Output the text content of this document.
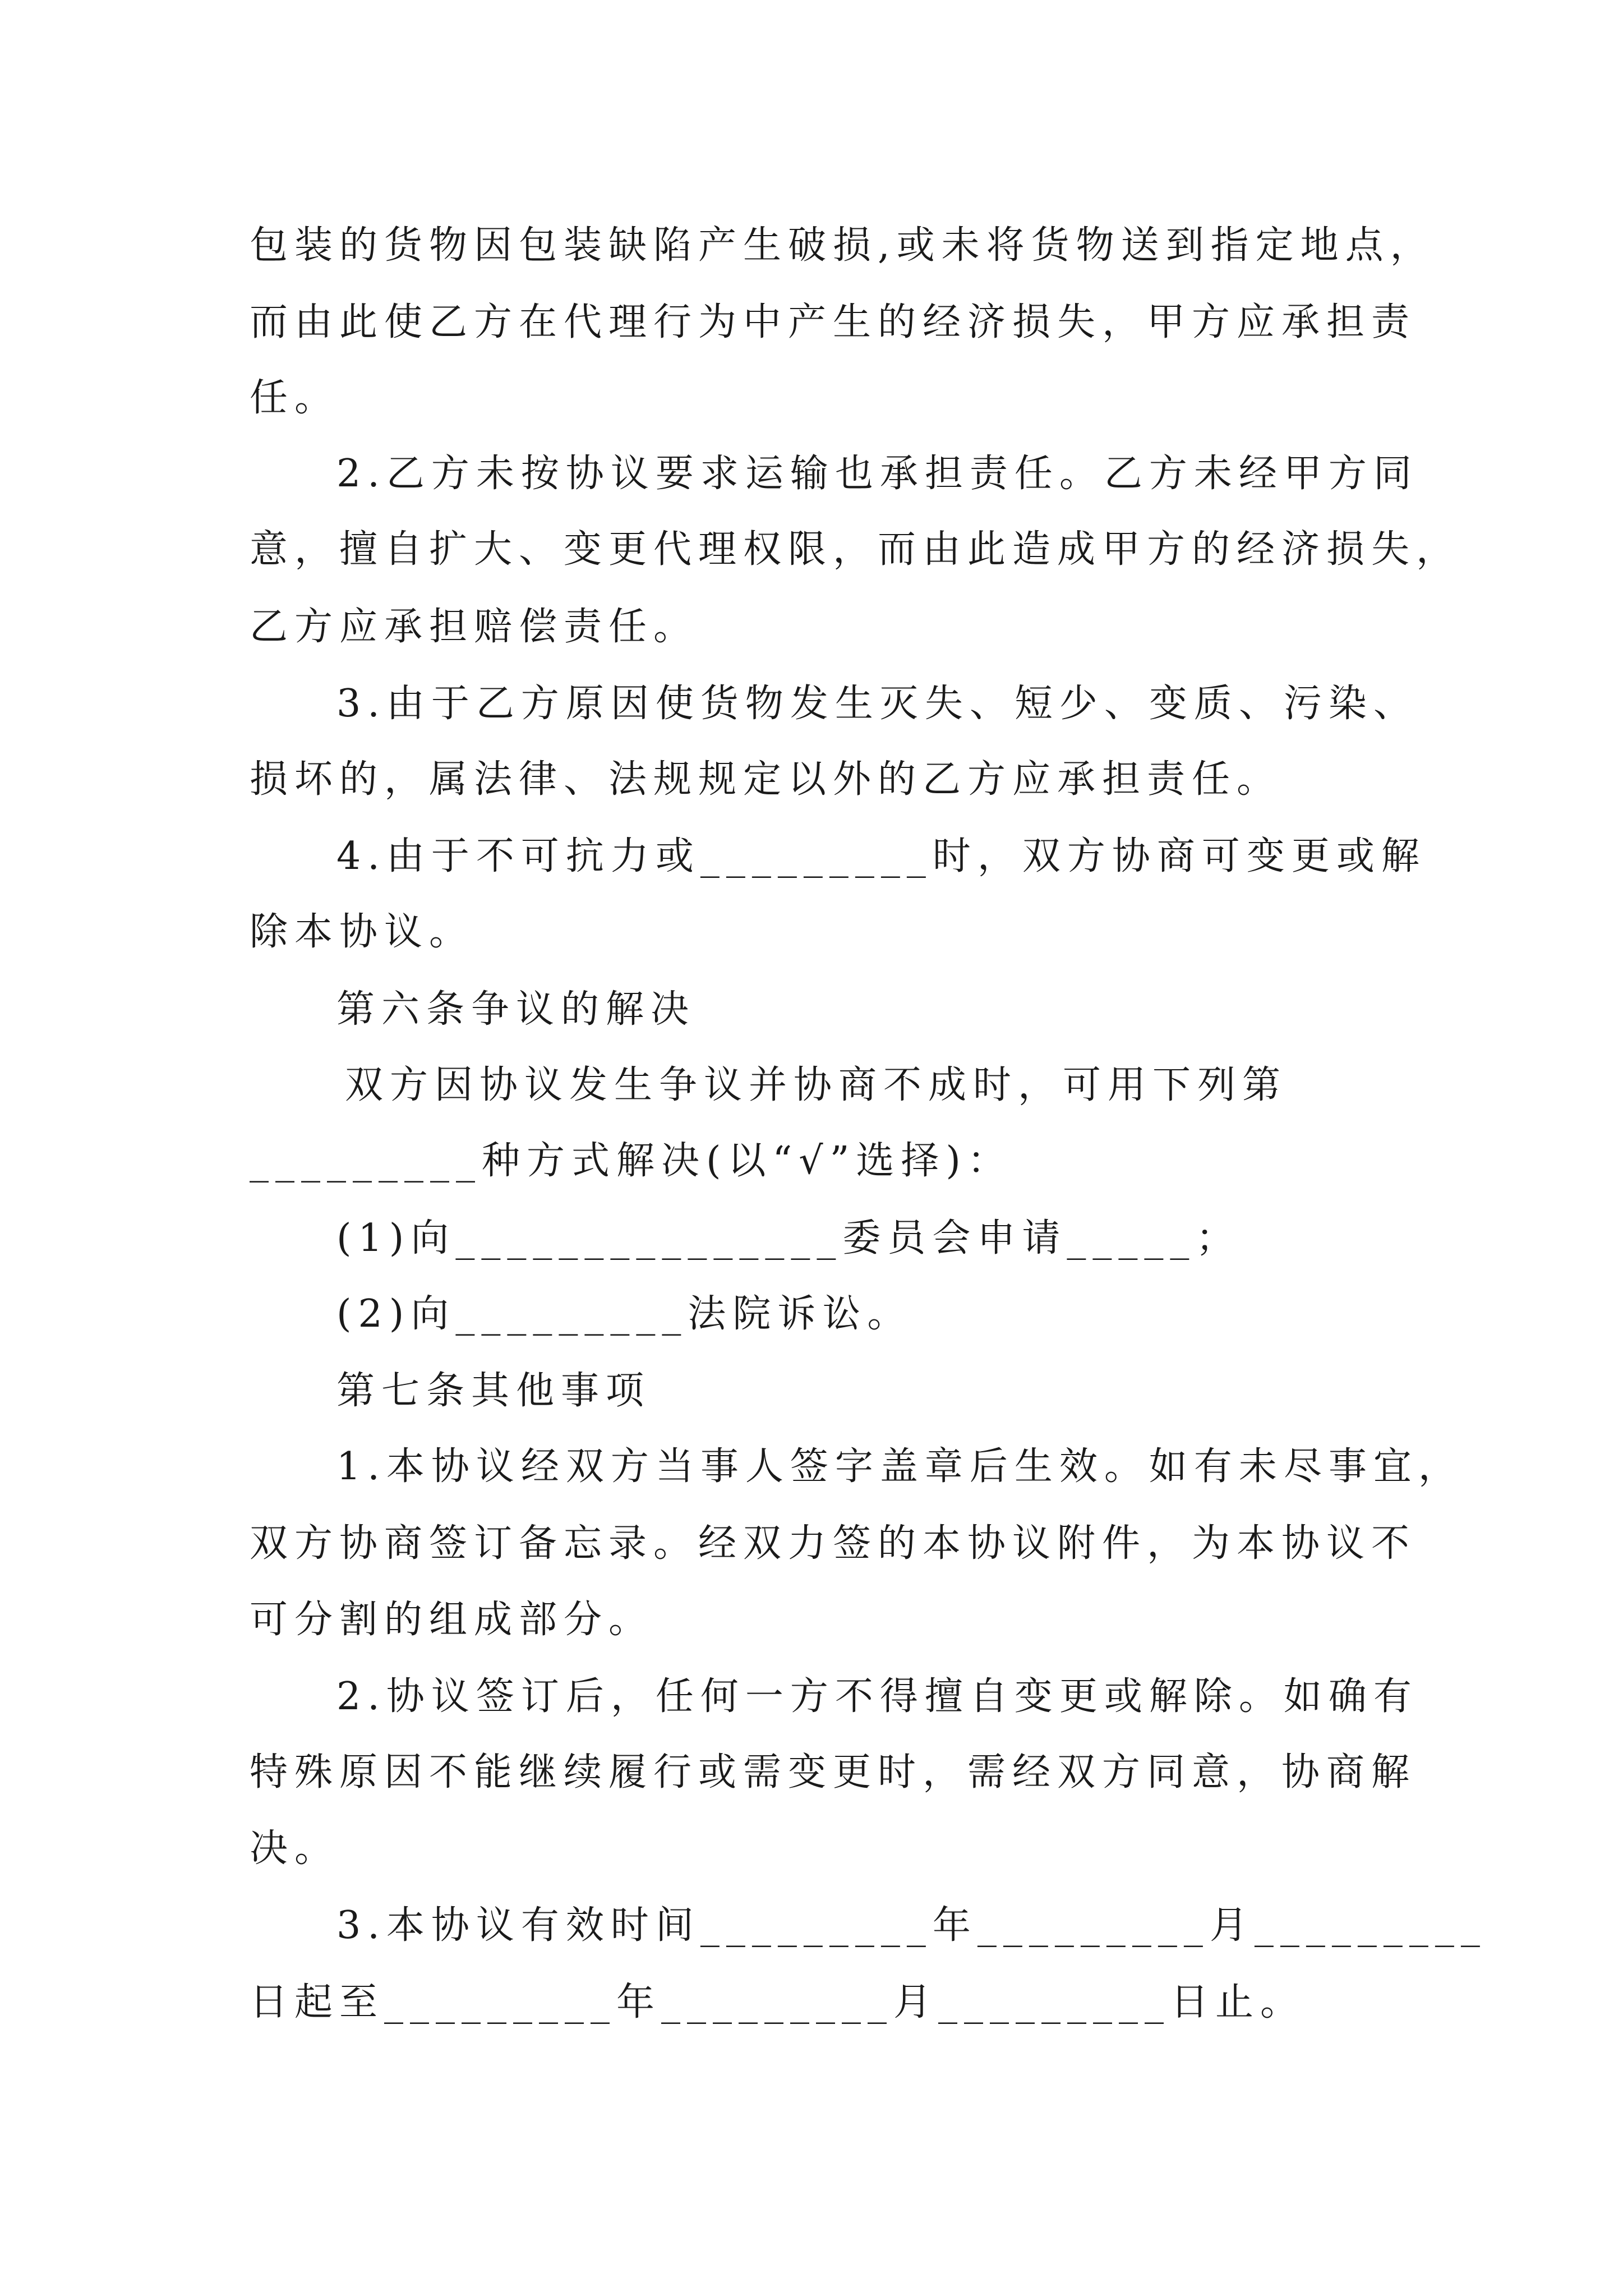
包装的货物因包装缺陷产生破损,或未将货物送到指定地点，

而由此使乙方在代理行为中产生的经济损失，甲方应承担责

任。

2.乙方未按协议要求运输也承担责任。乙方未经甲方同

意，擅自扩大、变更代理权限，而由此造成甲方的经济损失，

乙方应承担赔偿责任。

3.由于乙方原因使货物发生灭失、短少、变质、污染、

损坏的，属法律、法规规定以外的乙方应承担责任。

4.由于不可抗力或_________时，双方协商可变更或解

除本协议。

第六条争议的解决

双方因协议发生争议并协商不成时，可用下列第

_________种方式解决(以“√”选择)：

(1)向_______________委员会申请_____；

(2)向_________法院诉讼。

第七条其他事项

1.本协议经双方当事人签字盖章后生效。如有未尽事宜，

双方协商签订备忘录。经双力签的本协议附件，为本协议不

可分割的组成部分。

2.协议签订后，任何一方不得擅自变更或解除。如确有

特殊原因不能继续履行或需变更时，需经双方同意，协商解

决。

3.本协议有效时间_________年_________月_________

日起至_________年_________月_________日止。
